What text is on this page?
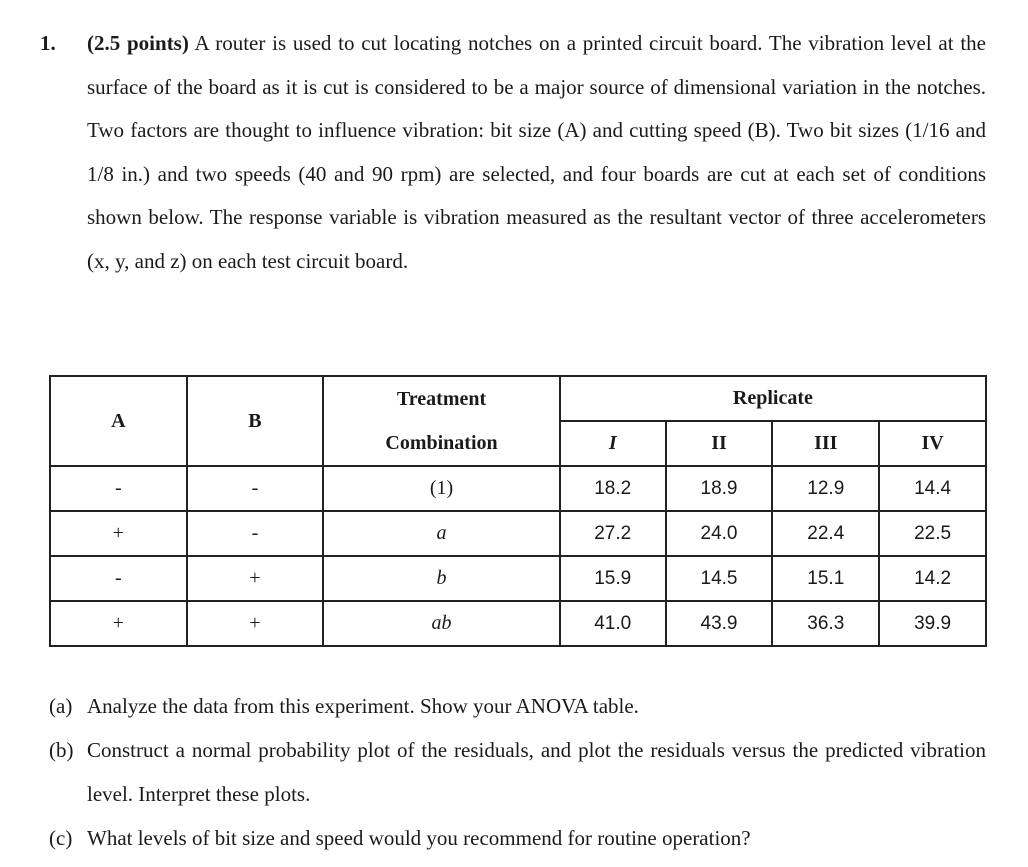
1. (2.5 points) A router is used to cut locating notches on a printed circuit board. The vibration level at the surface of the board as it is cut is considered to be a major source of dimensional variation in the notches. Two factors are thought to influence vibration: bit size (A) and cutting speed (B). Two bit sizes (1/16 and 1/8 in.) and two speeds (40 and 90 rpm) are selected, and four boards are cut at each set of conditions shown below. The response variable is vibration measured as the resultant vector of three accelerometers (x, y, and z) on each test circuit board.
A	B	Treatment	Replicate			
		Combination	I	II	III	IV
-	-	(1)	18.2	18.9	12.9	14.4
+	-	a	27.2	24.0	22.4	22.5
-	+	b	15.9	14.5	15.1	14.2
+	+	ab	41.0	43.9	36.3	39.9
(a) Analyze the data from this experiment. Show your ANOVA table.
(b) Construct a normal probability plot of the residuals, and plot the residuals versus the predicted vibration level. Interpret these plots.
(c) What levels of bit size and speed would you recommend for routine operation?
